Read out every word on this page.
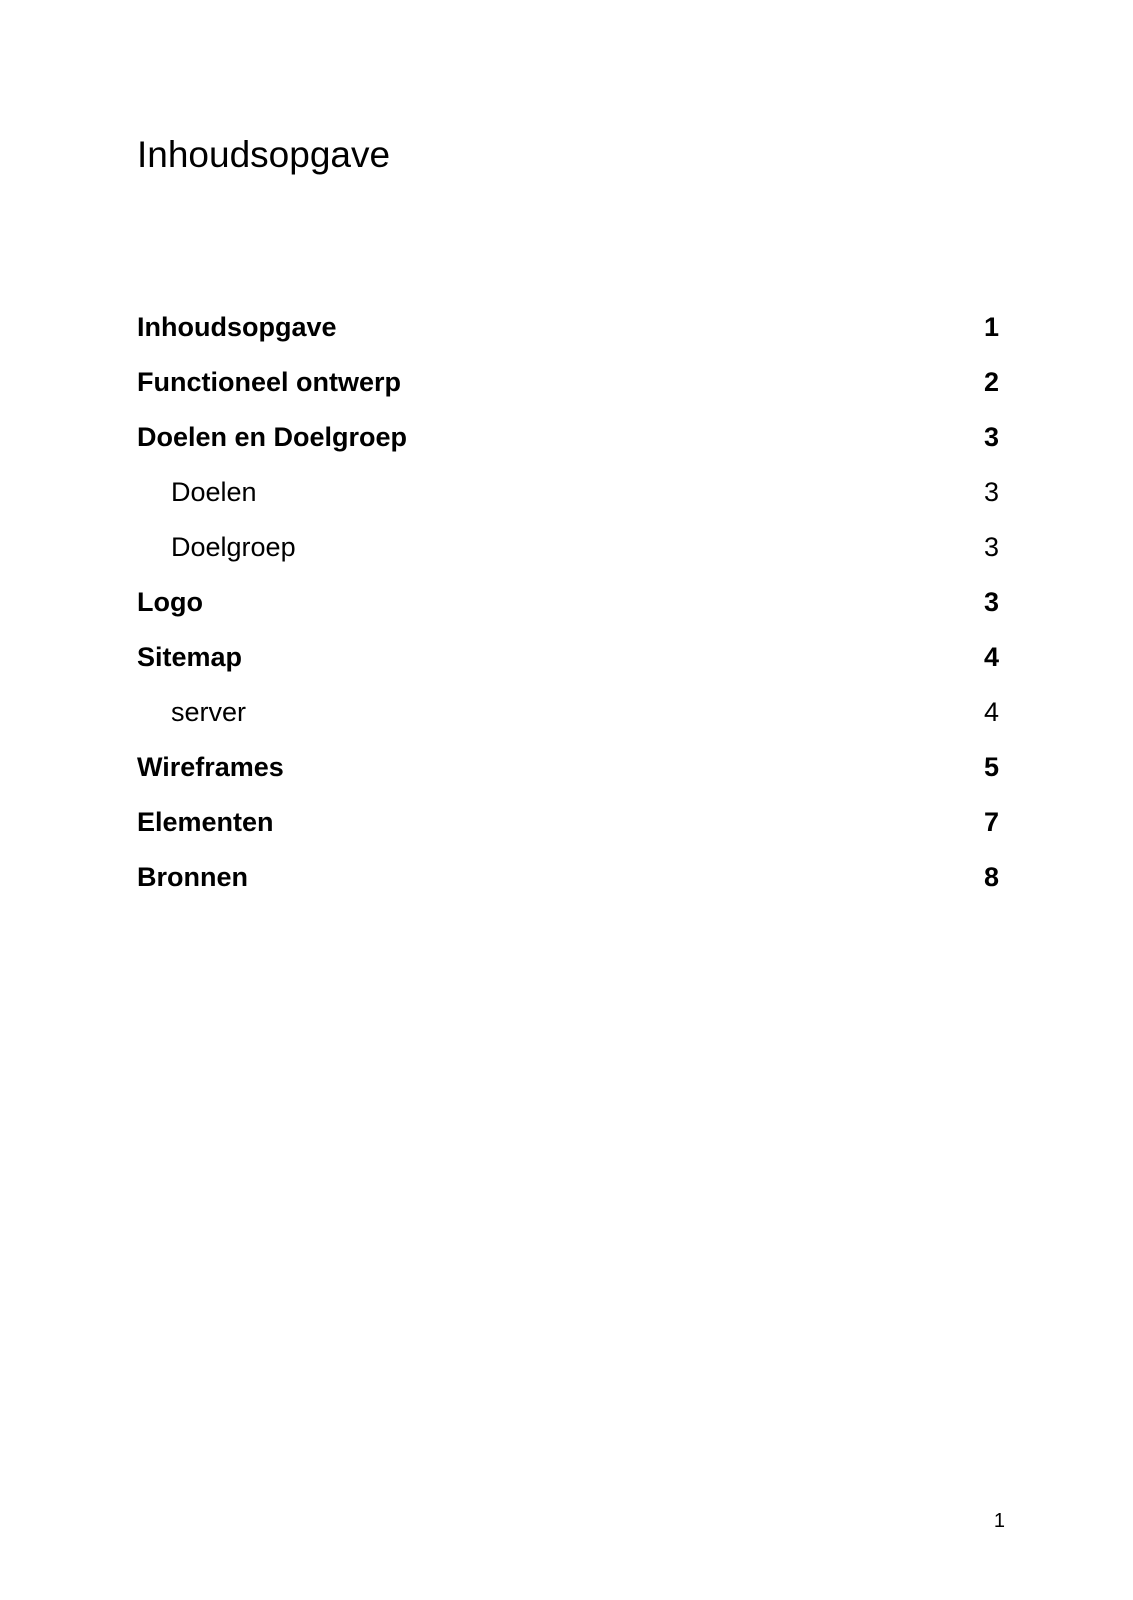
Inhoudsopgave
Inhoudsopgave	1
Functioneel ontwerp	2
Doelen en Doelgroep	3
Doelen	3
Doelgroep	3
Logo	3
Sitemap	4
server	4
Wireframes	5
Elementen	7
Bronnen	8
1
